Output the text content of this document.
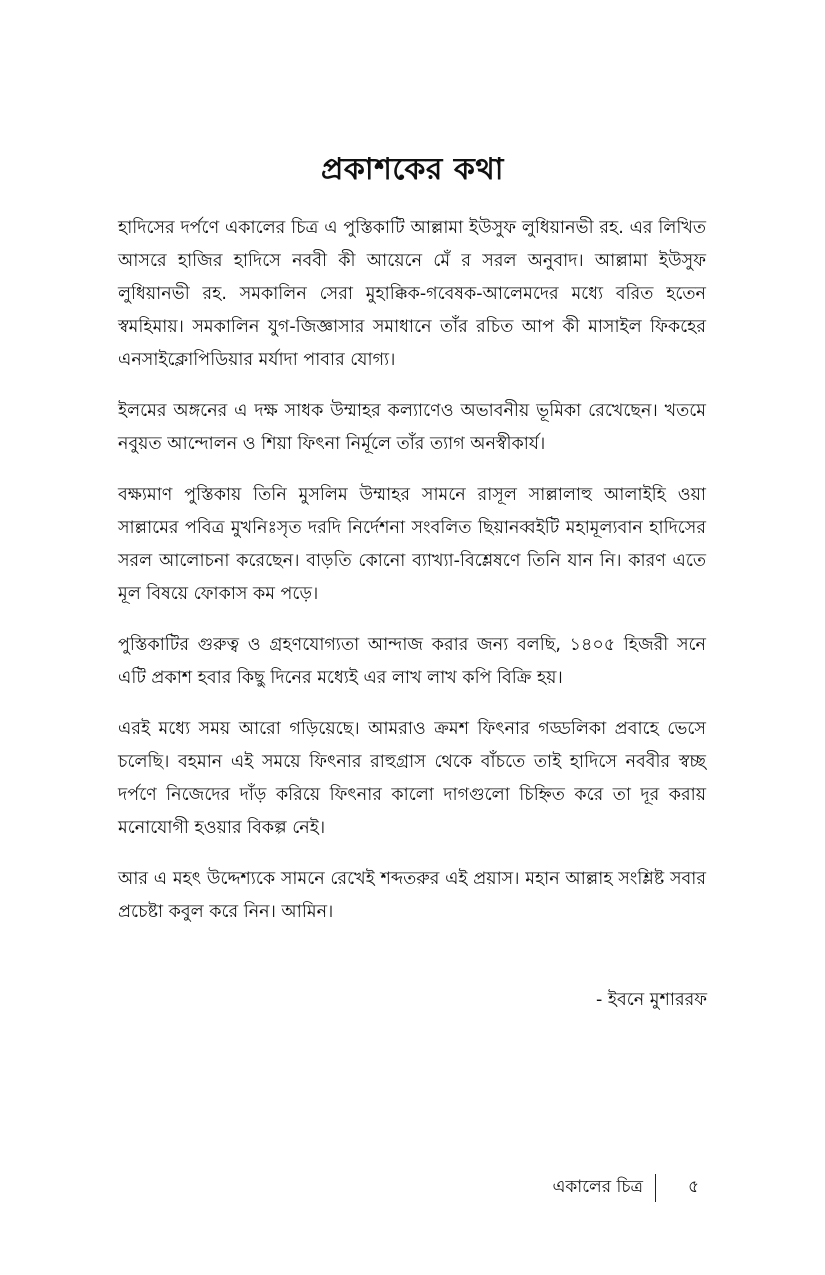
প্রকাশকের কথা

হাদিসের দর্পণে একালের চিত্র এ পুস্তিকাটি আল্লামা ইউসুফ লুধিয়ানভী রহ. এর লিখিত আসরে হাজির হাদিসে নববী কী আয়েনে মেঁ র সরল অনুবাদ। আল্লামা ইউসুফ লুধিয়ানভী রহ. সমকালিন সেরা মুহাক্কিক-গবেষক-আলেমদের মধ্যে বরিত হতেন স্বমহিমায়। সমকালিন যুগ-জিজ্ঞাসার সমাধানে তাঁর রচিত আপ কী মাসাইল ফিকহের এনসাইক্লোপিডিয়ার মর্যাদা পাবার যোগ্য।

ইলমের অঙ্গনের এ দক্ষ সাধক উম্মাহর কল্যাণেও অভাবনীয় ভূমিকা রেখেছেন। খতমে নবুয়ত আন্দোলন ও শিয়া ফিৎনা নির্মূলে তাঁর ত্যাগ অনস্বীকার্য।

বক্ষ্যমাণ পুস্তিকায় তিনি মুসলিম উম্মাহর সামনে রাসূল সাল্লালাহু আলাইহি ওয়া সাল্লামের পবিত্র মুখনিঃসৃত দরদি নির্দেশনা সংবলিত ছিয়ানব্বইটি মহামূল্যবান হাদিসের সরল আলোচনা করেছেন। বাড়তি কোনো ব্যাখ্যা-বিশ্লেষণে তিনি যান নি। কারণ এতে মূল বিষয়ে ফোকাস কম পড়ে।

পুস্তিকাটির গুরুত্ব ও গ্রহণযোগ্যতা আন্দাজ করার জন্য বলছি, ১৪০৫ হিজরী সনে এটি প্রকাশ হবার কিছু দিনের মধ্যেই এর লাখ লাখ কপি বিক্রি হয়।

এরই মধ্যে সময় আরো গড়িয়েছে। আমরাও ক্রমশ ফিৎনার গড্ডলিকা প্রবাহে ভেসে চলেছি। বহমান এই সময়ে ফিৎনার রাহুগ্রাস থেকে বাঁচতে তাই হাদিসে নববীর স্বচ্ছ দর্পণে নিজেদের দাঁড় করিয়ে ফিৎনার কালো দাগগুলো চিহ্নিত করে তা দূর করায় মনোযোগী হওয়ার বিকল্প নেই।

আর এ মহৎ উদ্দেশ্যকে সামনে রেখেই শব্দতরুর এই প্রয়াস। মহান আল্লাহ সংশ্লিষ্ট সবার প্রচেষ্টা কবুল করে নিন। আমিন।

- ইবনে মুশাররফ
একালের চিত্র	৫
